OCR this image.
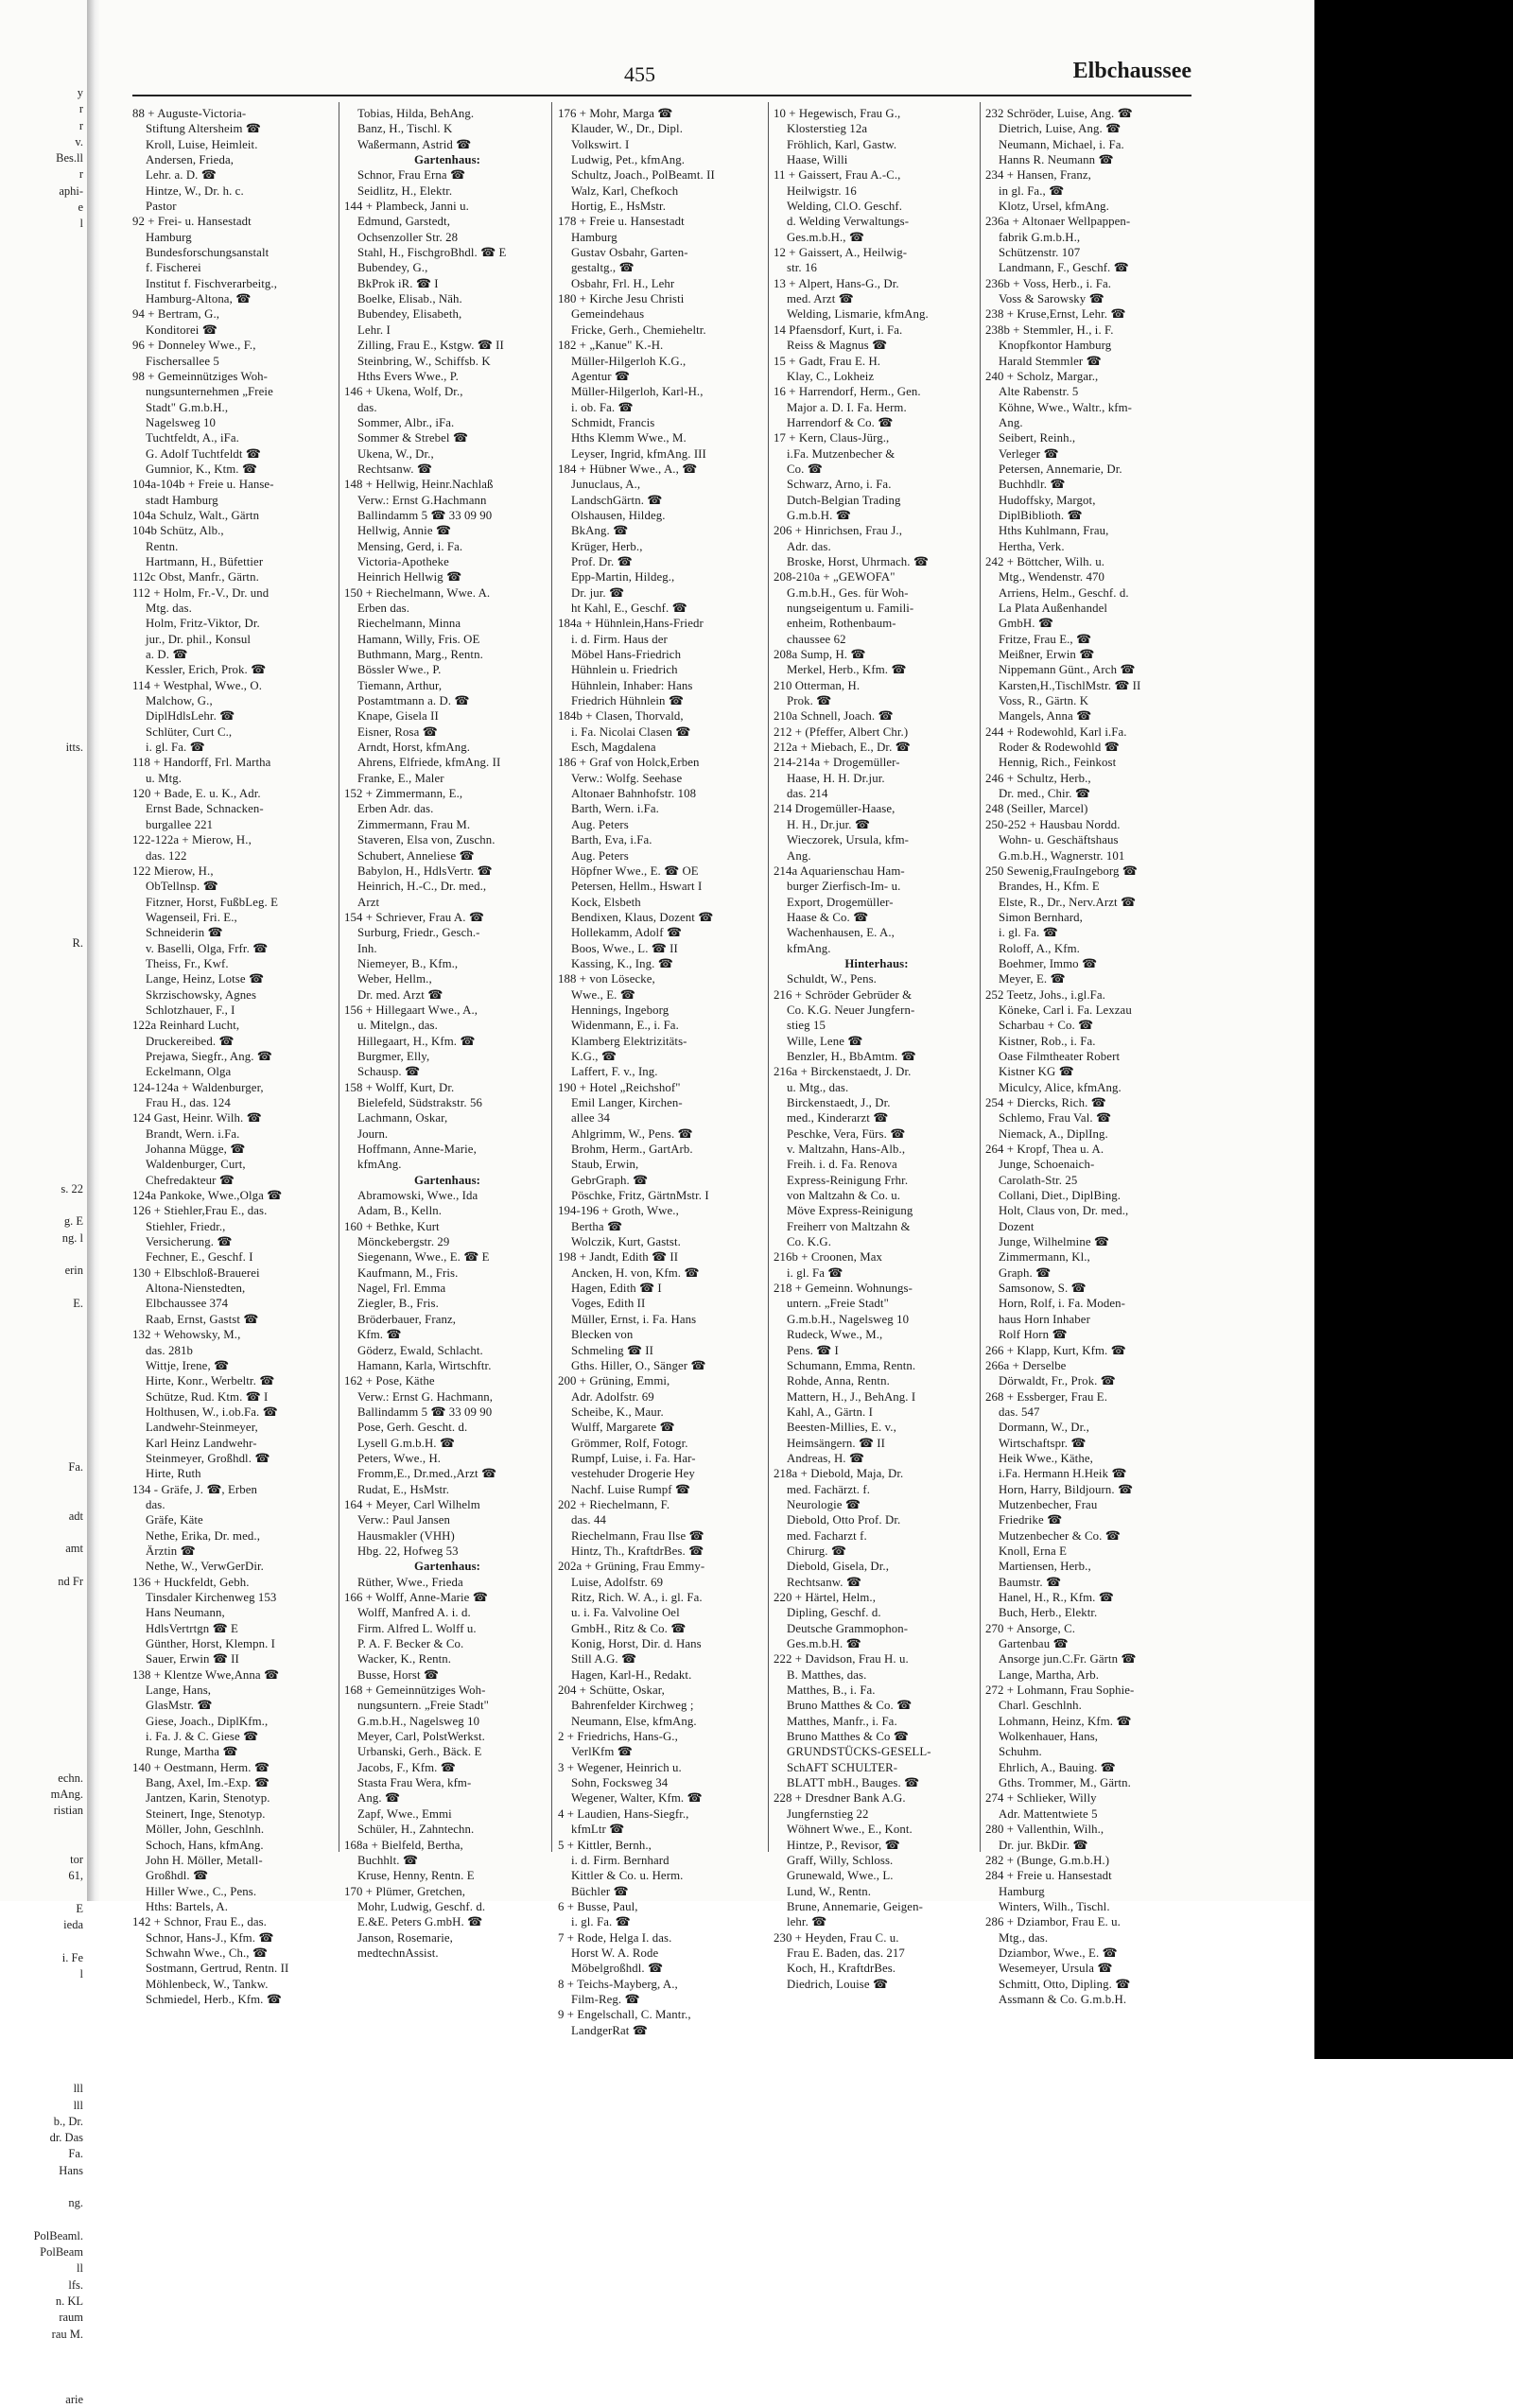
y
r
r
v.
Bes.ll
r
aphi-
e
l

itts.

R.

s. 22

g. E
ng. l

erin

E.

Fa.

adt

amt

nd Fr

echn.
mAng.
ristian

tor
61,

E
ieda

i. Fe
l

lll
lll
b., Dr.
dr. Das
Fa.
Hans

ng.

PolBeaml.
PolBeam
ll
lfs.
n. KL
raum
rau M.

arie
455	Elbchaussee
88 + Auguste-Victoria-
Stiftung Altersheim ☎
Kroll, Luise, Heimleit.
Andersen, Frieda,
Lehr. a. D. ☎
Hintze, W., Dr. h. c.
Pastor
92 + Frei- u. Hansestadt
Hamburg
Bundesforschungsanstalt
f. Fischerei
Institut f. Fischverarbeitg.,
Hamburg-Altona, ☎
94 + Bertram, G.,
Konditorei ☎
96 + Donneley Wwe., F.,
Fischersallee 5
98 + Gemeinnütziges Woh-
nungsunternehmen „Freie
Stadt" G.m.b.H.,
Nagelsweg 10
Tuchtfeldt, A., iFa.
G. Adolf Tuchtfeldt ☎
Gumnior, K., Ktm. ☎
104a-104b + Freie u. Hanse-
stadt Hamburg
104a Schulz, Walt., Gärtn
104b Schütz, Alb.,
Rentn.
Hartmann, H., Büfettier
112c Obst, Manfr., Gärtn.
112 + Holm, Fr.-V., Dr. und
Mtg. das.
Holm, Fritz-Viktor, Dr.
jur., Dr. phil., Konsul
a. D. ☎
Kessler, Erich, Prok. ☎
114 + Westphal, Wwe., O.
Malchow, G.,
DiplHdlsLehr. ☎
Schlüter, Curt C.,
i. gl. Fa. ☎
118 + Handorff, Frl. Martha
u. Mtg.
120 + Bade, E. u. K., Adr.
Ernst Bade, Schnacken-
burgallee 221
122-122a + Mierow, H.,
das. 122
122 Mierow, H.,
ObTellnsp. ☎
Fitzner, Horst, FußbLeg. E
Wagenseil, Fri. E.,
Schneiderin ☎
v. Baselli, Olga, Frfr. ☎
Theiss, Fr., Kwf.
Lange, Heinz, Lotse ☎
Skrzischowsky, Agnes
Schlotzhauer, F., I
122a Reinhard Lucht,
Druckereibed. ☎
Prejawa, Siegfr., Ang. ☎
Eckelmann, Olga
124-124a + Waldenburger,
Frau H., das. 124
124 Gast, Heinr. Wilh. ☎
Brandt, Wern. i.Fa.
Johanna Mügge, ☎
Waldenburger, Curt,
Chefredakteur ☎
124a Pankoke, Wwe.,Olga ☎
126 + Stiehler,Frau E., das.
Stiehler, Friedr.,
Versicherung. ☎
Fechner, E., Geschf. I
130 + Elbschloß-Brauerei
Altona-Nienstedten,
Elbchaussee 374
Raab, Ernst, Gastst ☎
132 + Wehowsky, M.,
das. 281b
Wittje, Irene, ☎
Hirte, Konr., Werbeltr. ☎
Schütze, Rud. Ktm. ☎ I
Holthusen, W., i.ob.Fa. ☎
Landwehr-Steinmeyer,
Karl Heinz Landwehr-
Steinmeyer, Großhdl. ☎
Hirte, Ruth
134 - Gräfe, J. ☎, Erben
das.
Gräfe, Käte
Nethe, Erika, Dr. med.,
Ärztin ☎
Nethe, W., VerwGerDir.
136 + Huckfeldt, Gebh.
Tinsdaler Kirchenweg 153
Hans Neumann,
HdlsVertrtgn ☎ E
Günther, Horst, Klempn. I
Sauer, Erwin ☎ II
138 + Klentze Wwe,Anna ☎
Lange, Hans,
GlasMstr. ☎
Giese, Joach., DiplKfm.,
i. Fa. J. & C. Giese ☎
Runge, Martha ☎
140 + Oestmann, Herm. ☎
Bang, Axel, Im.-Exp. ☎
Jantzen, Karin, Stenotyp.
Steinert, Inge, Stenotyp.
Möller, John, Geschlnh.
Schoch, Hans, kfmAng.
John H. Möller, Metall-
Großhdl. ☎
Hiller Wwe., C., Pens.
Hths: Bartels, A.
142 + Schnor, Frau E., das.
Schnor, Hans-J., Kfm. ☎
Schwahn Wwe., Ch., ☎
Sostmann, Gertrud, Rentn. II
Möhlenbeck, W., Tankw.
Schmiedel, Herb., Kfm. ☎
Tobias, Hilda, BehAng.
Banz, H., Tischl. K
Waßermann, Astrid ☎
Gartenhaus:
Schnor, Frau Erna ☎
Seidlitz, H., Elektr.
144 + Plambeck, Janni u.
Edmund, Garstedt,
Ochsenzoller Str. 28
Stahl, H., FischgroBhdl. ☎ E
Bubendey, G.,
BkProk iR. ☎ I
Boelke, Elisab., Näh.
Bubendey, Elisabeth,
Lehr. I
Zilling, Frau E., Kstgw. ☎ II
Steinbring, W., Schiffsb. K
Hths Evers Wwe., P.
146 + Ukena, Wolf, Dr.,
das.
Sommer, Albr., iFa.
Sommer & Strebel ☎
Ukena, W., Dr.,
Rechtsanw. ☎
148 + Hellwig, Heinr.Nachlaß
Verw.: Ernst G.Hachmann
Ballindamm 5 ☎ 33 09 90
Hellwig, Annie ☎
Mensing, Gerd, i. Fa.
Victoria-Apotheke
Heinrich Hellwig ☎
150 + Riechelmann, Wwe. A.
Erben das.
Riechelmann, Minna
Hamann, Willy, Fris. OE
Buthmann, Marg., Rentn.
Bössler Wwe., P.
Tiemann, Arthur,
Postamtmann a. D. ☎
Knape, Gisela II
Eisner, Rosa ☎
Arndt, Horst, kfmAng.
Ahrens, Elfriede, kfmAng. II
Franke, E., Maler
152 + Zimmermann, E.,
Erben Adr. das.
Zimmermann, Frau M.
Staveren, Elsa von, Zuschn.
Schubert, Anneliese ☎
Babylon, H., HdlsVertr. ☎
Heinrich, H.-C., Dr. med.,
Arzt
154 + Schriever, Frau A. ☎
Surburg, Friedr., Gesch.-
Inh.
Niemeyer, B., Kfm.,
Weber, Hellm.,
Dr. med. Arzt ☎
156 + Hillegaart Wwe., A.,
u. Mitelgn., das.
Hillegaart, H., Kfm. ☎
Burgmer, Elly,
Schausp. ☎
158 + Wolff, Kurt, Dr.
Bielefeld, Südstrakstr. 56
Lachmann, Oskar,
Journ.
Hoffmann, Anne-Marie,
kfmAng.
Gartenhaus:
Abramowski, Wwe., Ida
Adam, B., Kelln.
160 + Bethke, Kurt
Mönckebergstr. 29
Siegenann, Wwe., E. ☎ E
Kaufmann, M., Fris.
Nagel, Frl. Emma
Ziegler, B., Fris.
Bröderbauer, Franz,
Kfm. ☎
Göderz, Ewald, Schlacht.
Hamann, Karla, Wirtschftr.
162 + Pose, Käthe
Verw.: Ernst G. Hachmann,
Ballindamm 5 ☎ 33 09 90
Pose, Gerh. Gescht. d.
Lysell G.m.b.H. ☎
Peters, Wwe., H.
Fromm,E., Dr.med.,Arzt ☎
Rudat, E., HsMstr.
164 + Meyer, Carl Wilhelm
Verw.: Paul Jansen
Hausmakler (VHH)
Hbg. 22, Hofweg 53
Gartenhaus:
Rüther, Wwe., Frieda
166 + Wolff, Anne-Marie ☎
Wolff, Manfred A. i. d.
Firm. Alfred L. Wolff u.
P. A. F. Becker & Co.
Wacker, K., Rentn.
Busse, Horst ☎
168 + Gemeinnütziges Woh-
nungsuntern. „Freie Stadt"
G.m.b.H., Nagelsweg 10
Meyer, Carl, PolstWerkst.
Urbanski, Gerh., Bäck. E
Jacobs, F., Kfm. ☎
Stasta Frau Wera, kfm-
Ang. ☎
Zapf, Wwe., Emmi
Schüler, H., Zahntechn.
168a + Bielfeld, Bertha,
Buchhlt. ☎
Kruse, Henny, Rentn. E
170 + Plümer, Gretchen,
Mohr, Ludwig, Geschf. d.
E.&E. Peters G.mbH. ☎
Janson, Rosemarie,
medtechnAssist.
176 + Mohr, Marga ☎
Klauder, W., Dr., Dipl.
Volkswirt. I
Ludwig, Pet., kfmAng.
Schultz, Joach., PolBeamt. II
Walz, Karl, Chefkoch
Hortig, E., HsMstr.
178 + Freie u. Hansestadt
Hamburg
Gustav Osbahr, Garten-
gestaltg., ☎
Osbahr, Frl. H., Lehr
180 + Kirche Jesu Christi
Gemeindehaus
Fricke, Gerh., Chemieheltr.
182 + „Kanue" K.-H.
Müller-Hilgerloh K.G.,
Agentur ☎
Müller-Hilgerloh, Karl-H.,
i. ob. Fa. ☎
Schmidt, Francis
Hths Klemm Wwe., M.
Leyser, Ingrid, kfmAng. III
184 + Hübner Wwe., A., ☎
Junuclaus, A.,
LandschGärtn. ☎
Olshausen, Hildeg.
BkAng. ☎
Krüger, Herb.,
Prof. Dr. ☎
Epp-Martin, Hildeg.,
Dr. jur. ☎
ht Kahl, E., Geschf. ☎
184a + Hühnlein,Hans-Friedr
i. d. Firm. Haus der
Möbel Hans-Friedrich
Hühnlein u. Friedrich
Hühnlein, Inhaber: Hans
Friedrich Hühnlein ☎
184b + Clasen, Thorvald,
i. Fa. Nicolai Clasen ☎
Esch, Magdalena
186 + Graf von Holck,Erben
Verw.: Wolfg. Seehase
Altonaer Bahnhofstr. 108
Barth, Wern. i.Fa.
Aug. Peters
Barth, Eva, i.Fa.
Aug. Peters
Höpfner Wwe., E. ☎ OE
Petersen, Hellm., Hswart I
Kock, Elsbeth
Bendixen, Klaus, Dozent ☎
Hollekamm, Adolf ☎
Boos, Wwe., L. ☎ II
Kassing, K., Ing. ☎
188 + von Lösecke,
Wwe., E. ☎
Hennings, Ingeborg
Widenmann, E., i. Fa.
Klamberg Elektrizitäts-
K.G., ☎
Laffert, F. v., Ing.
190 + Hotel „Reichshof"
Emil Langer, Kirchen-
allee 34
Ahlgrimm, W., Pens. ☎
Brohm, Herm., GartArb.
Staub, Erwin,
GebrGraph. ☎
Pöschke, Fritz, GärtnMstr. I
194-196 + Groth, Wwe.,
Bertha ☎
Wolczik, Kurt, Gastst.
198 + Jandt, Edith ☎ II
Ancken, H. von, Kfm. ☎
Hagen, Edith ☎ I
Voges, Edith II
Müller, Ernst, i. Fa. Hans
Blecken von
Schmeling ☎ II
Gths. Hiller, O., Sänger ☎
200 + Grüning, Emmi,
Adr. Adolfstr. 69
Scheibe, K., Maur.
Wulff, Margarete ☎
Grömmer, Rolf, Fotogr.
Rumpf, Luise, i. Fa. Har-
vestehuder Drogerie Hey
Nachf. Luise Rumpf ☎
202 + Riechelmann, F.
das. 44
Riechelmann, Frau Ilse ☎
Hintz, Th., KraftdrBes. ☎
202a + Grüning, Frau Emmy-
Luise, Adolfstr. 69
Ritz, Rich. W. A., i. gl. Fa.
u. i. Fa. Valvoline Oel
GmbH., Ritz & Co. ☎
Konig, Horst, Dir. d. Hans
Still A.G. ☎
Hagen, Karl-H., Redakt.
204 + Schütte, Oskar,
Bahrenfelder Kirchweg ;
Neumann, Else, kfmAng.
2 + Friedrichs, Hans-G.,
VerlKfm ☎
3 + Wegener, Heinrich u.
Sohn, Focksweg 34
Wegener, Walter, Kfm. ☎
4 + Laudien, Hans-Siegfr.,
kfmLtr ☎
5 + Kittler, Bernh.,
i. d. Firm. Bernhard
Kittler & Co. u. Herm.
Büchler ☎
6 + Busse, Paul,
i. gl. Fa. ☎
7 + Rode, Helga I. das.
Horst W. A. Rode
Möbelgroßhdl. ☎
8 + Teichs-Mayberg, A.,
Film-Reg. ☎
9 + Engelschall, C. Mantr.,
LandgerRat ☎
10 + Hegewisch, Frau G.,
Klosterstieg 12a
Fröhlich, Karl, Gastw.
Haase, Willi
11 + Gaissert, Frau A.-C.,
Heilwigstr. 16
Welding, Cl.O. Geschf.
d. Welding Verwaltungs-
Ges.m.b.H., ☎
12 + Gaissert, A., Heilwig-
str. 16
13 + Alpert, Hans-G., Dr.
med. Arzt ☎
Welding, Lismarie, kfmAng.
14 Pfaensdorf, Kurt, i. Fa.
Reiss & Magnus ☎
15 + Gadt, Frau E. H.
Klay, C., Lokheiz
16 + Harrendorf, Herm., Gen.
Major a. D. I. Fa. Herm.
Harrendorf & Co. ☎
17 + Kern, Claus-Jürg.,
i.Fa. Mutzenbecher &
Co. ☎
Schwarz, Arno, i. Fa.
Dutch-Belgian Trading
G.m.b.H. ☎
206 + Hinrichsen, Frau J.,
Adr. das.
Broske, Horst, Uhrmach. ☎
208-210a + „GEWOFA"
G.m.b.H., Ges. für Woh-
nungseigentum u. Famili-
enheim, Rothenbaum-
chaussee 62
208a Sump, H. ☎
Merkel, Herb., Kfm. ☎
210 Otterman, H.
Prok. ☎
210a Schnell, Joach. ☎
212 + (Pfeffer, Albert Chr.)
212a + Miebach, E., Dr. ☎
214-214a + Drogemüller-
Haase, H. H. Dr.jur.
das. 214
214 Drogemüller-Haase,
H. H., Dr.jur. ☎
Wieczorek, Ursula, kfm-
Ang.
214a Aquarienschau Ham-
burger Zierfisch-Im- u.
Export, Drogemüller-
Haase & Co. ☎
Wachenhausen, E. A.,
kfmAng.
Hinterhaus:
Schuldt, W., Pens.
216 + Schröder Gebrüder &
Co. K.G. Neuer Jungfern-
stieg 15
Wille, Lene ☎
Benzler, H., BbAmtm. ☎
216a + Birckenstaedt, J. Dr.
u. Mtg., das.
Birckenstaedt, J., Dr.
med., Kinderarzt ☎
Peschke, Vera, Fürs. ☎
v. Maltzahn, Hans-Alb.,
Freih. i. d. Fa. Renova
Express-Reinigung Frhr.
von Maltzahn & Co. u.
Möve Express-Reinigung
Freiherr von Maltzahn &
Co. K.G.
216b + Croonen, Max
i. gl. Fa ☎
218 + Gemeinn. Wohnungs-
untern. „Freie Stadt"
G.m.b.H., Nagelsweg 10
Rudeck, Wwe., M.,
Pens. ☎ I
Schumann, Emma, Rentn.
Rohde, Anna, Rentn.
Mattern, H., J., BehAng. I
Kahl, A., Gärtn. I
Beesten-Millies, E. v.,
Heimsängern. ☎ II
Andreas, H. ☎
218a + Diebold, Maja, Dr.
med. Fachärzt. f.
Neurologie ☎
Diebold, Otto Prof. Dr.
med. Facharzt f.
Chirurg. ☎
Diebold, Gisela, Dr.,
Rechtsanw. ☎
220 + Härtel, Helm.,
Dipling, Geschf. d.
Deutsche Grammophon-
Ges.m.b.H. ☎
222 + Davidson, Frau H. u.
B. Matthes, das.
Matthes, B., i. Fa.
Bruno Matthes & Co. ☎
Matthes, Manfr., i. Fa.
Bruno Matthes & Co ☎
GRUNDSTÜCKS-GESELL-
SchAFT SCHULTER-
BLATT mbH., Bauges. ☎
228 + Dresdner Bank A.G.
Jungfernstieg 22
Wöhnert Wwe., E., Kont.
Hintze, P., Revisor, ☎
Graff, Willy, Schloss.
Grunewald, Wwe., L.
Lund, W., Rentn.
Brune, Annemarie, Geigen-
lehr. ☎
230 + Heyden, Frau C. u.
Frau E. Baden, das. 217
Koch, H., KraftdrBes.
Diedrich, Louise ☎
232 Schröder, Luise, Ang. ☎
Dietrich, Luise, Ang. ☎
Neumann, Michael, i. Fa.
Hanns R. Neumann ☎
234 + Hansen, Franz,
in gl. Fa., ☎
Klotz, Ursel, kfmAng.
236a + Altonaer Wellpappen-
fabrik G.m.b.H.,
Schützenstr. 107
Landmann, F., Geschf. ☎
236b + Voss, Herb., i. Fa.
Voss & Sarowsky ☎
238 + Kruse,Ernst, Lehr. ☎
238b + Stemmler, H., i. F.
Knopfkontor Hamburg
Harald Stemmler ☎
240 + Scholz, Margar.,
Alte Rabenstr. 5
Köhne, Wwe., Waltr., kfm-
Ang.
Seibert, Reinh.,
Verleger ☎
Petersen, Annemarie, Dr.
Buchhdlr. ☎
Hudoffsky, Margot,
DiplBiblioth. ☎
Hths Kuhlmann, Frau,
Hertha, Verk.
242 + Böttcher, Wilh. u.
Mtg., Wendenstr. 470
Arriens, Helm., Geschf. d.
La Plata Außenhandel
GmbH. ☎
Fritze, Frau E., ☎
Meißner, Erwin ☎
Nippemann Günt., Arch ☎
Karsten,H.,TischlMstr. ☎ II
Voss, R., Gärtn. K
Mangels, Anna ☎
244 + Rodewohld, Karl i.Fa.
Roder & Rodewohld ☎
Hennig, Rich., Feinkost
246 + Schultz, Herb.,
Dr. med., Chir. ☎
248 (Seiller, Marcel)
250-252 + Hausbau Nordd.
Wohn- u. Geschäftshaus
G.m.b.H., Wagnerstr. 101
250 Sewenig,FrauIngeborg ☎
Brandes, H., Kfm. E
Elste, R., Dr., Nerv.Arzt ☎
Simon Bernhard,
i. gl. Fa. ☎
Roloff, A., Kfm.
Boehmer, Immo ☎
Meyer, E. ☎
252 Teetz, Johs., i.gl.Fa.
Köneke, Carl i. Fa. Lexzau
Scharbau + Co. ☎
Kistner, Rob., i. Fa.
Oase Filmtheater Robert
Kistner KG ☎
Miculcy, Alice, kfmAng.
254 + Diercks, Rich. ☎
Schlemo, Frau Val. ☎
Niemack, A., DiplIng.
264 + Kropf, Thea u. A.
Junge, Schoenaich-
Carolath-Str. 25
Collani, Diet., DiplBing.
Holt, Claus von, Dr. med.,
Dozent
Junge, Wilhelmine ☎
Zimmermann, Kl.,
Graph. ☎
Samsonow, S. ☎
Horn, Rolf, i. Fa. Moden-
haus Horn Inhaber
Rolf Horn ☎
266 + Klapp, Kurt, Kfm. ☎
266a + Derselbe
Dörwaldt, Fr., Prok. ☎
268 + Essberger, Frau E.
das. 547
Dormann, W., Dr.,
Wirtschaftspr. ☎
Heik Wwe., Käthe,
i.Fa. Hermann H.Heik ☎
Horn, Harry, Bildjourn. ☎
Mutzenbecher, Frau
Friedrike ☎
Mutzenbecher & Co. ☎
Knoll, Erna E
Martiensen, Herb.,
Baumstr. ☎
Hanel, H., R., Kfm. ☎
Buch, Herb., Elektr.
270 + Ansorge, C.
Gartenbau ☎
Ansorge jun.C.Fr. Gärtn ☎
Lange, Martha, Arb.
272 + Lohmann, Frau Sophie-
Charl. Geschlnh.
Lohmann, Heinz, Kfm. ☎
Wolkenhauer, Hans,
Schuhm.
Ehrlich, A., Bauing. ☎
Gths. Trommer, M., Gärtn.
274 + Schlieker, Willy
Adr. Mattentwiete 5
280 + Vallenthin, Wilh.,
Dr. jur. BkDir. ☎
282 + (Bunge, G.m.b.H.)
284 + Freie u. Hansestadt
Hamburg
Winters, Wilh., Tischl.
286 + Dziambor, Frau E. u.
Mtg., das.
Dziambor, Wwe., E. ☎
Wesemeyer, Ursula ☎
Schmitt, Otto, Dipling. ☎
Assmann & Co. G.m.b.H.
